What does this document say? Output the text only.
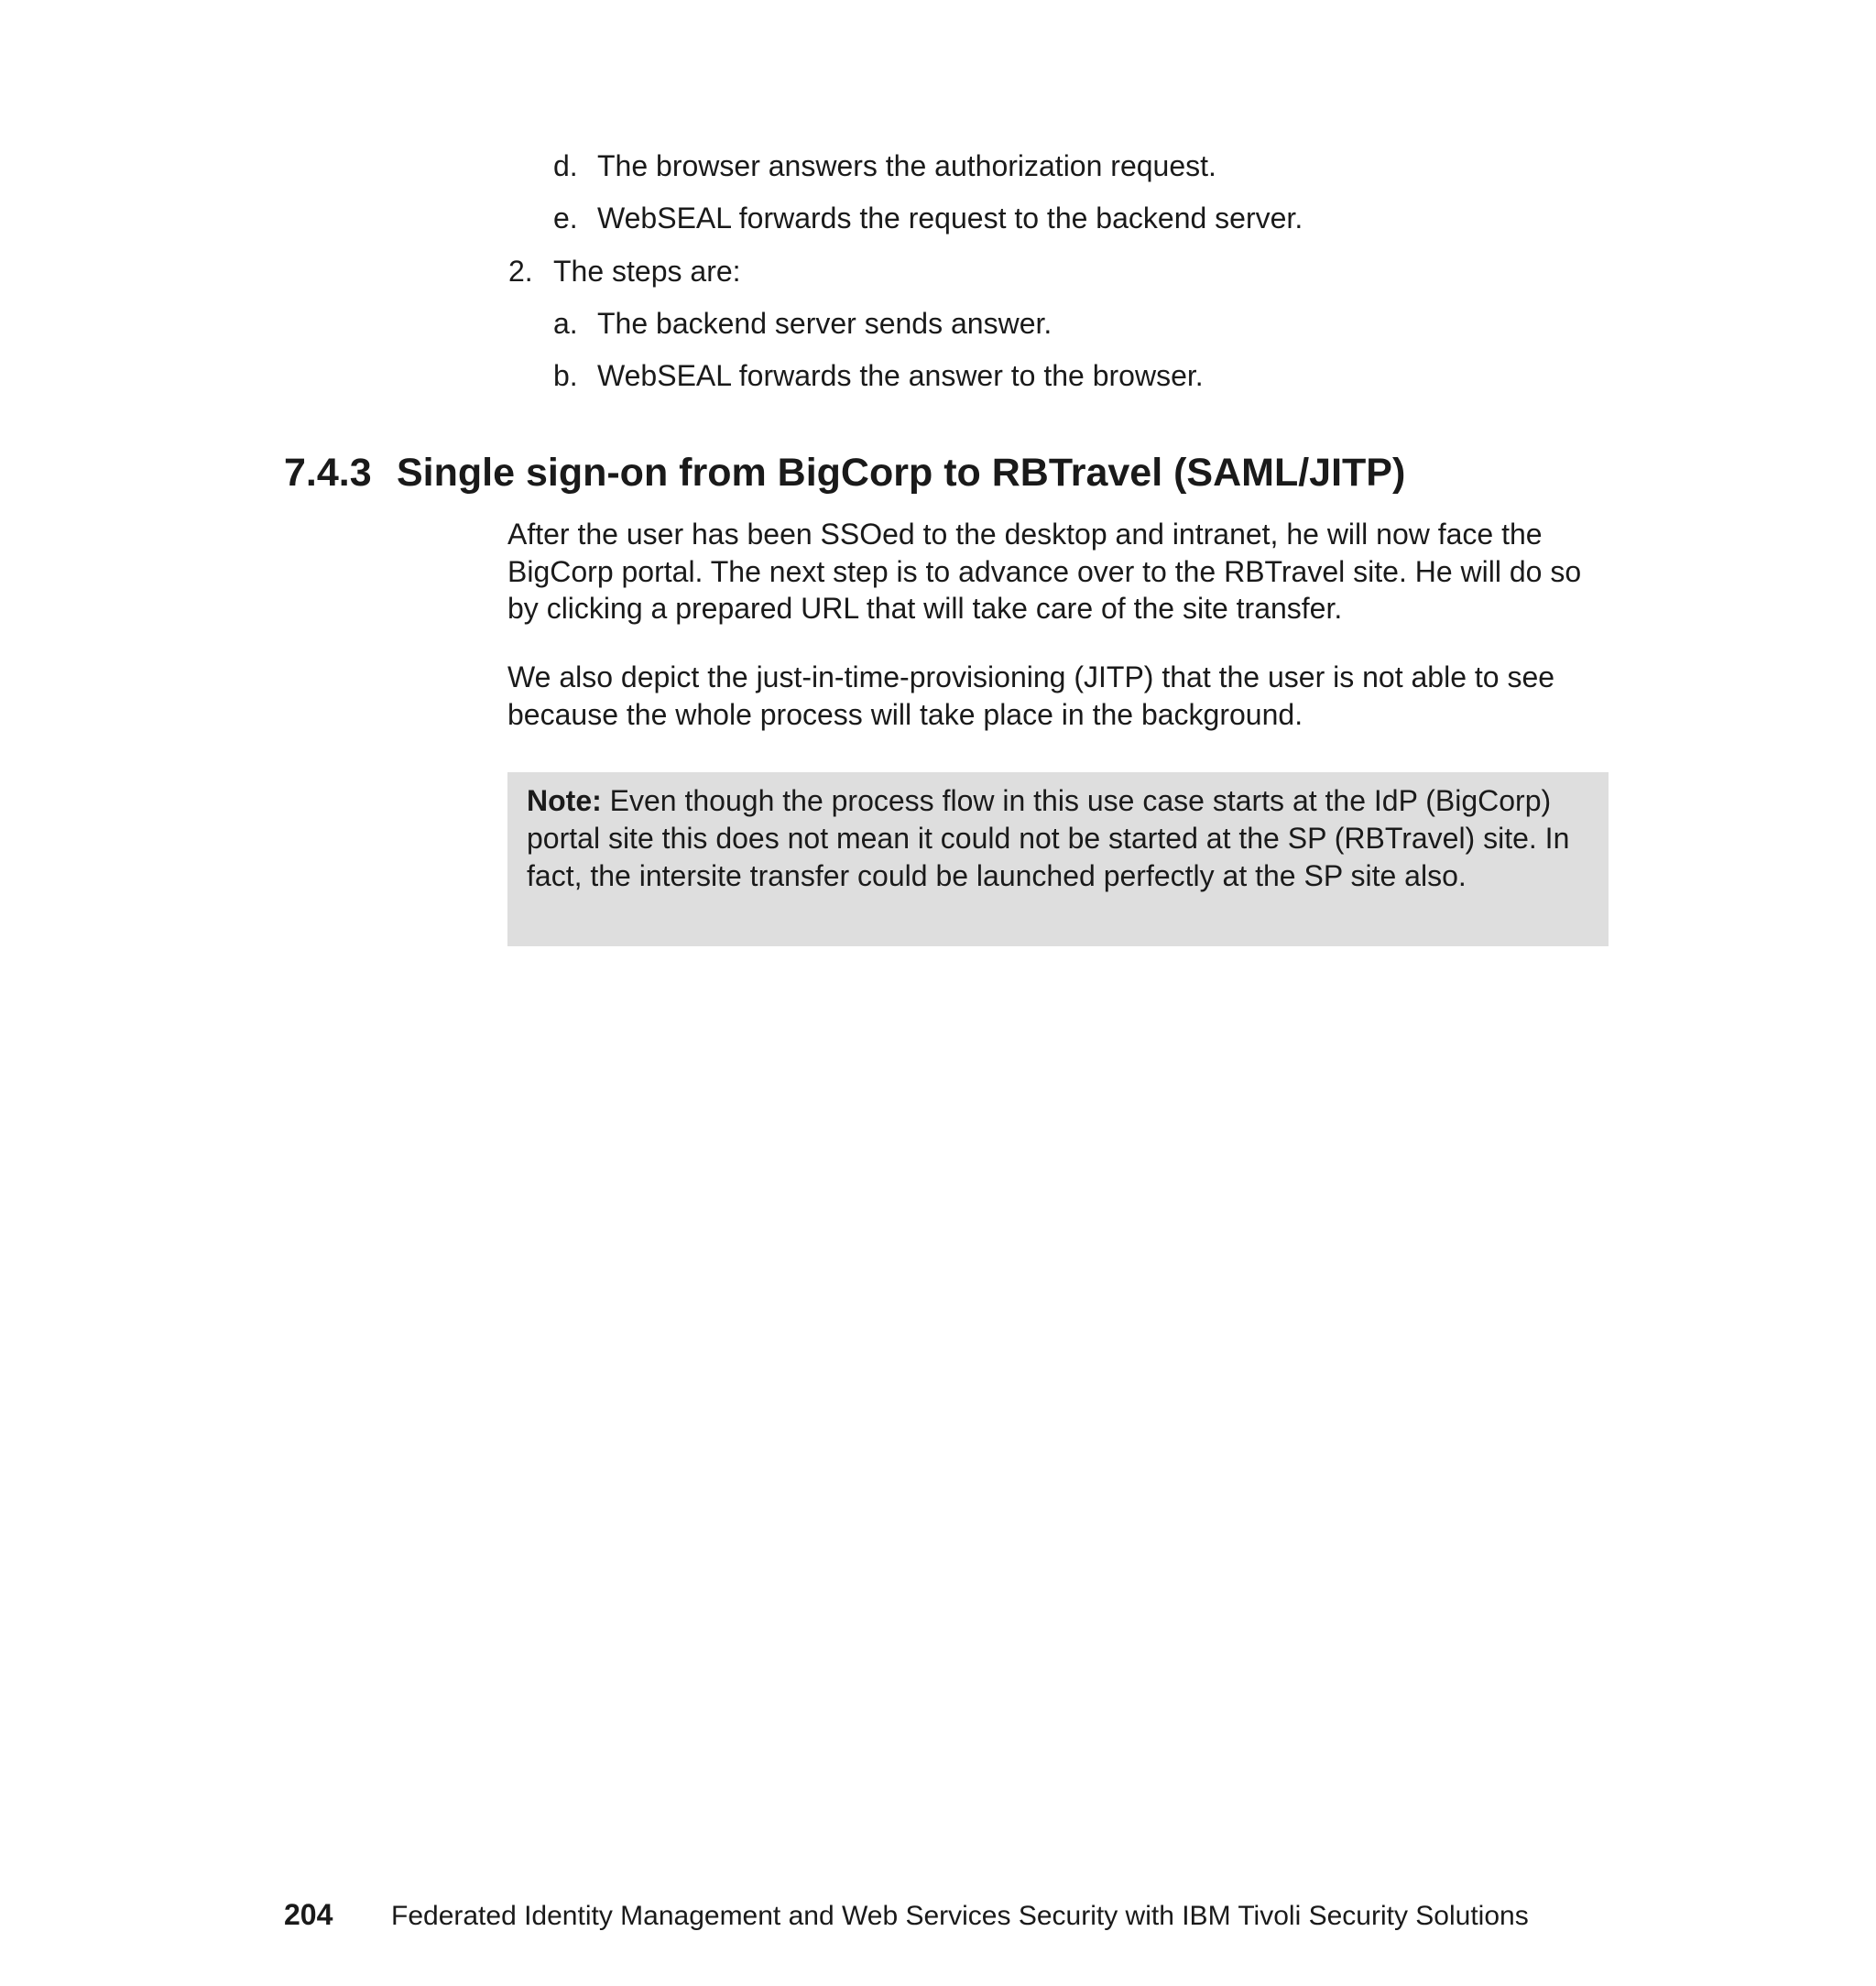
d. The browser answers the authorization request.
e. WebSEAL forwards the request to the backend server.
2. The steps are:
a. The backend server sends answer.
b. WebSEAL forwards the answer to the browser.
7.4.3 Single sign-on from BigCorp to RBTravel (SAML/JITP)

After the user has been SSOed to the desktop and intranet, he will now face the BigCorp portal. The next step is to advance over to the RBTravel site. He will do so by clicking a prepared URL that will take care of the site transfer.

We also depict the just-in-time-provisioning (JITP) that the user is not able to see because the whole process will take place in the background.

Note: Even though the process flow in this use case starts at the IdP (BigCorp) portal site this does not mean it could not be started at the SP (RBTravel) site. In fact, the intersite transfer could be launched perfectly at the SP site also.
204 Federated Identity Management and Web Services Security with IBM Tivoli Security Solutions
